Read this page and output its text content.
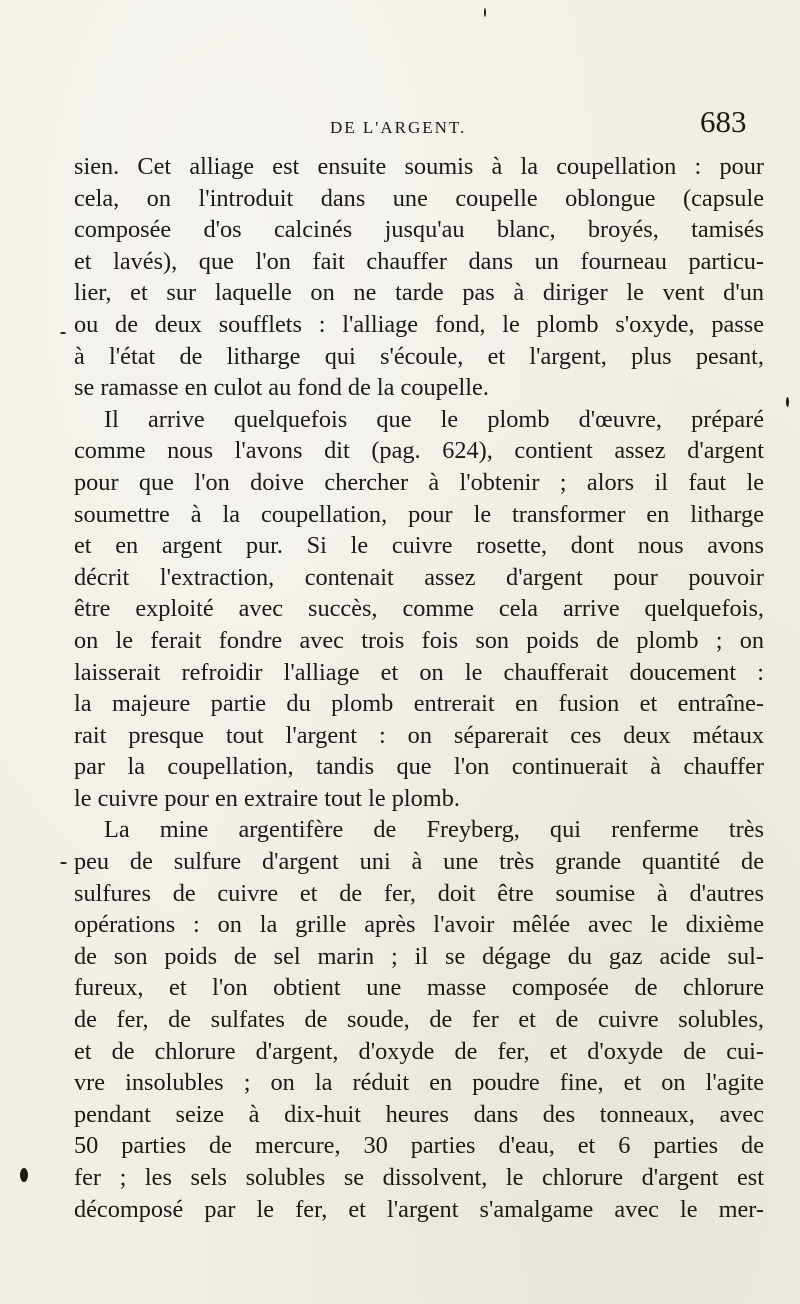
DE L'ARGENT.	683

sien. Cet alliage est ensuite soumis à la coupellation : pour
cela, on l'introduit dans une coupelle oblongue (capsule
composée d'os calcinés jusqu'au blanc, broyés, tamisés
et lavés), que l'on fait chauffer dans un fourneau particu-
lier, et sur laquelle on ne tarde pas à diriger le vent d'un
ou de deux soufflets : l'alliage fond, le plomb s'oxyde, passe
à l'état de litharge qui s'écoule, et l'argent, plus pesant,
se ramasse en culot au fond de la coupelle.

Il arrive quelquefois que le plomb d'œuvre, préparé
comme nous l'avons dit (pag. 624), contient assez d'argent
pour que l'on doive chercher à l'obtenir ; alors il faut le
soumettre à la coupellation, pour le transformer en litharge
et en argent pur. Si le cuivre rosette, dont nous avons
décrit l'extraction, contenait assez d'argent pour pouvoir
être exploité avec succès, comme cela arrive quelquefois,
on le ferait fondre avec trois fois son poids de plomb ; on
laisserait refroidir l'alliage et on le chaufferait doucement :
la majeure partie du plomb entrerait en fusion et entraîne-
rait presque tout l'argent : on séparerait ces deux métaux
par la coupellation, tandis que l'on continuerait à chauffer
le cuivre pour en extraire tout le plomb.

La mine argentifère de Freyberg, qui renferme très
peu de sulfure d'argent uni à une très grande quantité de
sulfures de cuivre et de fer, doit être soumise à d'autres
opérations : on la grille après l'avoir mêlée avec le dixième
de son poids de sel marin ; il se dégage du gaz acide sul-
fureux, et l'on obtient une masse composée de chlorure
de fer, de sulfates de soude, de fer et de cuivre solubles,
et de chlorure d'argent, d'oxyde de fer, et d'oxyde de cui-
vre insolubles ; on la réduit en poudre fine, et on l'agite
pendant seize à dix-huit heures dans des tonneaux, avec
50 parties de mercure, 30 parties d'eau, et 6 parties de
fer ; les sels solubles se dissolvent, le chlorure d'argent est
décomposé par le fer, et l'argent s'amalgame avec le mer-
